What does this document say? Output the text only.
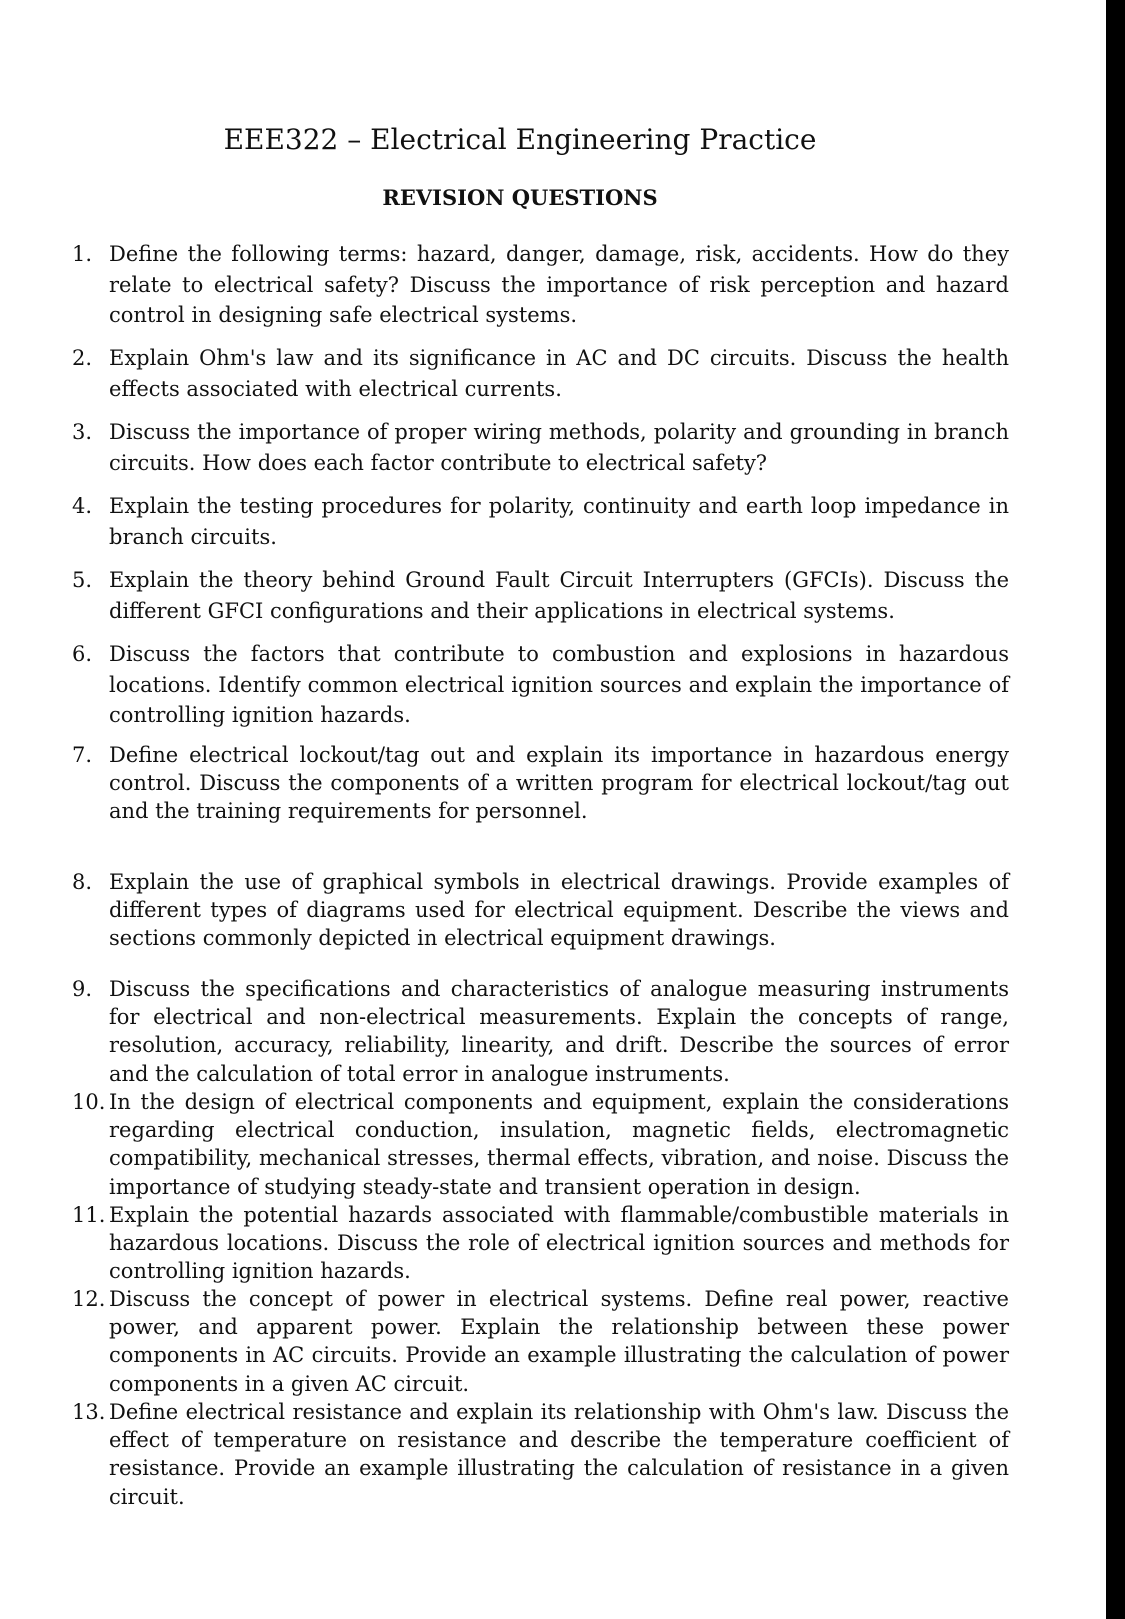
EEE322 – Electrical Engineering Practice
REVISION QUESTIONS
1. Define the following terms: hazard, danger, damage, risk, accidents. How do they relate to electrical safety? Discuss the importance of risk perception and hazard control in designing safe electrical systems.
2. Explain Ohm's law and its significance in AC and DC circuits. Discuss the health effects associated with electrical currents.
3. Discuss the importance of proper wiring methods, polarity and grounding in branch circuits. How does each factor contribute to electrical safety?
4. Explain the testing procedures for polarity, continuity and earth loop impedance in branch circuits.
5. Explain the theory behind Ground Fault Circuit Interrupters (GFCIs). Discuss the different GFCI configurations and their applications in electrical systems.
6. Discuss the factors that contribute to combustion and explosions in hazardous locations. Identify common electrical ignition sources and explain the importance of controlling ignition hazards.
7. Define electrical lockout/tag out and explain its importance in hazardous energy control. Discuss the components of a written program for electrical lockout/tag out and the training requirements for personnel.
8. Explain the use of graphical symbols in electrical drawings. Provide examples of different types of diagrams used for electrical equipment. Describe the views and sections commonly depicted in electrical equipment drawings.
9. Discuss the specifications and characteristics of analogue measuring instruments for electrical and non-electrical measurements. Explain the concepts of range, resolution, accuracy, reliability, linearity, and drift. Describe the sources of error and the calculation of total error in analogue instruments.
10. In the design of electrical components and equipment, explain the considerations regarding electrical conduction, insulation, magnetic fields, electromagnetic compatibility, mechanical stresses, thermal effects, vibration, and noise. Discuss the importance of studying steady-state and transient operation in design.
11. Explain the potential hazards associated with flammable/combustible materials in hazardous locations. Discuss the role of electrical ignition sources and methods for controlling ignition hazards.
12. Discuss the concept of power in electrical systems. Define real power, reactive power, and apparent power. Explain the relationship between these power components in AC circuits. Provide an example illustrating the calculation of power components in a given AC circuit.
13. Define electrical resistance and explain its relationship with Ohm's law. Discuss the effect of temperature on resistance and describe the temperature coefficient of resistance. Provide an example illustrating the calculation of resistance in a given circuit.
